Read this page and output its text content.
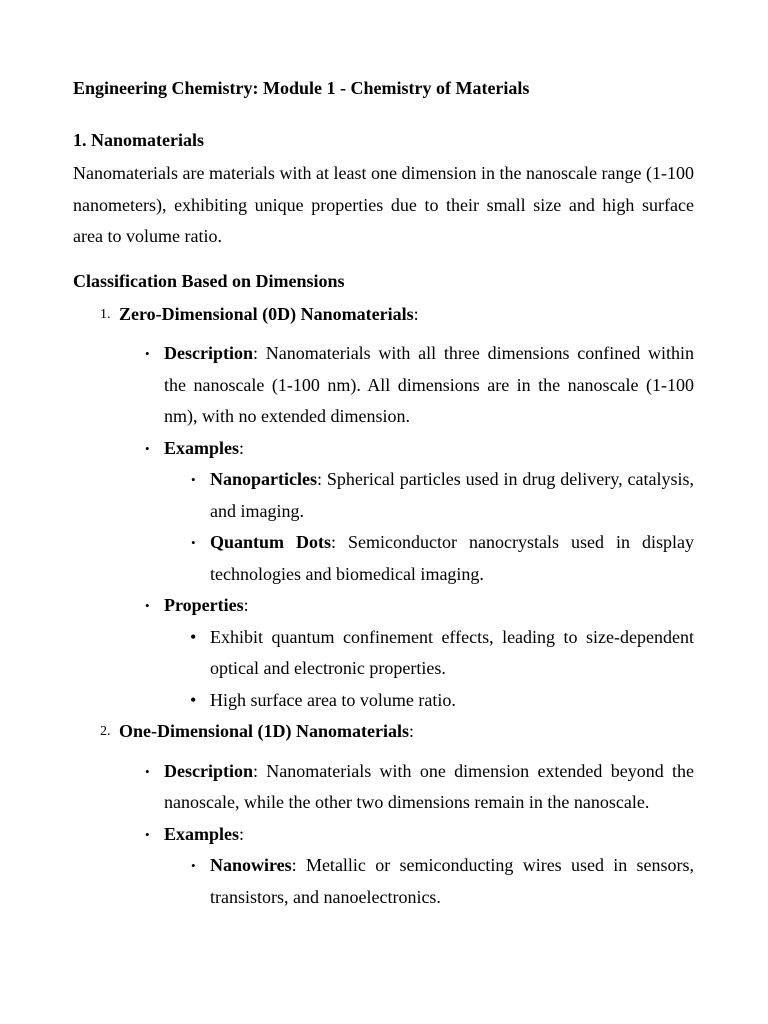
Engineering Chemistry: Module 1 - Chemistry of Materials

1. Nanomaterials

Nanomaterials are materials with at least one dimension in the nanoscale range (1-100 nanometers), exhibiting unique properties due to their small size and high surface area to volume ratio.

Classification Based on Dimensions

1. Zero-Dimensional (0D) Nanomaterials:
• Description: Nanomaterials with all three dimensions confined within the nanoscale (1-100 nm). All dimensions are in the nanoscale (1-100 nm), with no extended dimension.
• Examples:
• Nanoparticles: Spherical particles used in drug delivery, catalysis, and imaging.
• Quantum Dots: Semiconductor nanocrystals used in display technologies and biomedical imaging.
• Properties:
• Exhibit quantum confinement effects, leading to size-dependent optical and electronic properties.
• High surface area to volume ratio.
2. One-Dimensional (1D) Nanomaterials:
• Description: Nanomaterials with one dimension extended beyond the nanoscale, while the other two dimensions remain in the nanoscale.
• Examples:
• Nanowires: Metallic or semiconducting wires used in sensors, transistors, and nanoelectronics.
